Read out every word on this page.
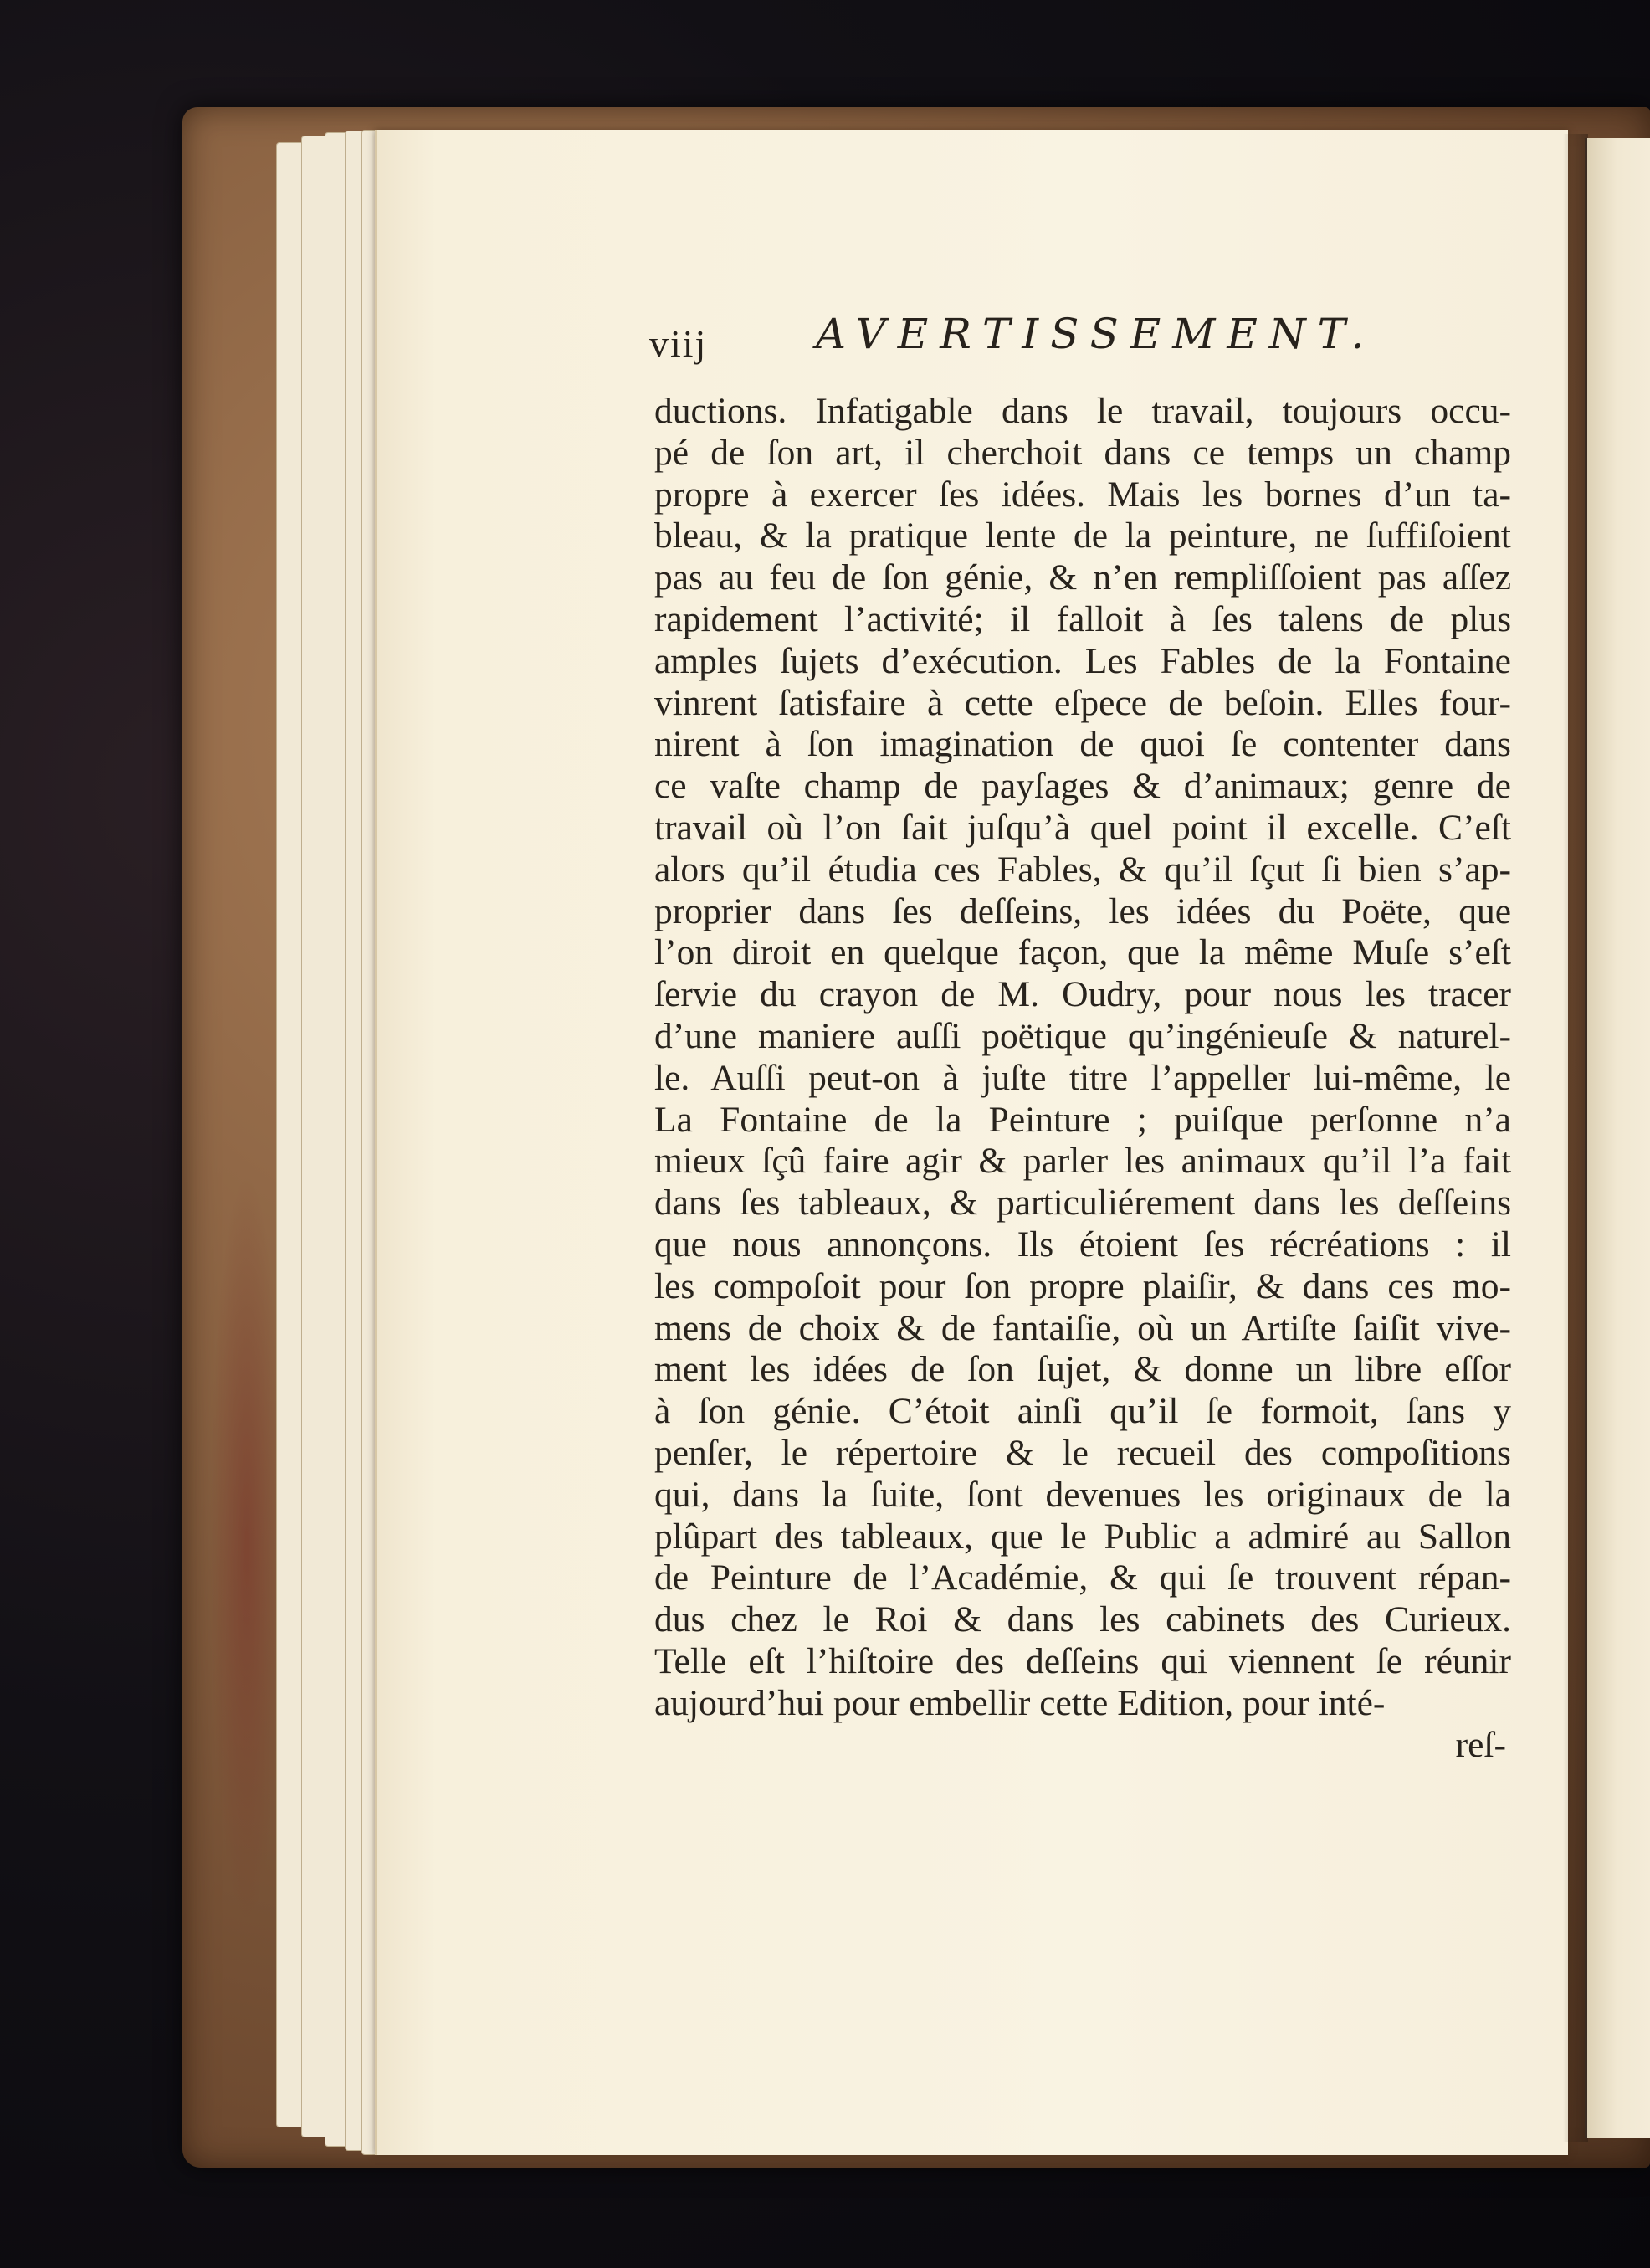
viij	AVERTISSEMENT.
ductions. Infatigable dans le travail, toujours occu-
pé de ſon art, il cherchoit dans ce temps un champ
propre à exercer ſes idées. Mais les bornes d’un ta-
bleau, & la pratique lente de la peinture, ne ſuffiſoient
pas au feu de ſon génie, & n’en rempliſſoient pas aſſez
rapidement l’activité; il falloit à ſes talens de plus
amples ſujets d’exécution. Les Fables de la Fontaine
vinrent ſatisfaire à cette eſpece de beſoin. Elles four-
nirent à ſon imagination de quoi ſe contenter dans
ce vaſte champ de payſages & d’animaux; genre de
travail où l’on ſait juſqu’à quel point il excelle. C’eſt
alors qu’il étudia ces Fables, & qu’il ſçut ſi bien s’ap-
proprier dans ſes deſſeins, les idées du Poëte, que
l’on diroit en quelque façon, que la même Muſe s’eſt
ſervie du crayon de M. Oudry, pour nous les tracer
d’une maniere auſſi poëtique qu’ingénieuſe & naturel-
le. Auſſi peut-on à juſte titre l’appeller lui-même, le
La Fontaine de la Peinture ; puiſque perſonne n’a
mieux ſçû faire agir & parler les animaux qu’il l’a fait
dans ſes tableaux, & particuliérement dans les deſſeins
que nous annonçons. Ils étoient ſes récréations : il
les compoſoit pour ſon propre plaiſir, & dans ces mo-
mens de choix & de fantaiſie, où un Artiſte ſaiſit vive-
ment les idées de ſon ſujet, & donne un libre eſſor
à ſon génie. C’étoit ainſi qu’il ſe formoit, ſans y
penſer, le répertoire & le recueil des compoſitions
qui, dans la ſuite, ſont devenues les originaux de la
plûpart des tableaux, que le Public a admiré au Sallon
de Peinture de l’Académie, & qui ſe trouvent répan-
dus chez le Roi & dans les cabinets des Curieux.
Telle eſt l’hiſtoire des deſſeins qui viennent ſe réunir
aujourd’hui pour embellir cette Edition, pour inté-
reſ-
